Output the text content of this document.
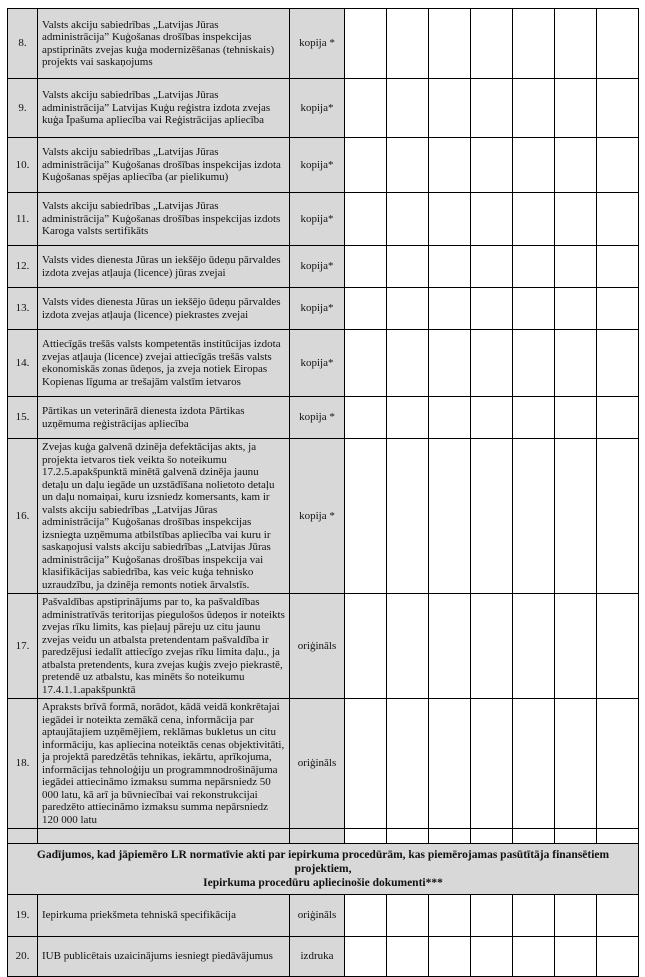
8.	Valsts akciju sabiedrības „Latvijas Jūras administrācija” Kuģošanas drošības inspekcijas apstiprināts zvejas kuģa modernizēšanas (tehniskais) projekts vai saskaņojums	kopija *							
9.	Valsts akciju sabiedrības „Latvijas Jūras administrācija” Latvijas Kuģu reģistra izdota zvejas kuģa Īpašuma apliecība vai Reģistrācijas apliecība	kopija*							
10.	Valsts akciju sabiedrības „Latvijas Jūras administrācija” Kuģošanas drošības inspekcijas izdota Kuģošanas spējas apliecība (ar pielikumu)	kopija*							
11.	Valsts akciju sabiedrības „Latvijas Jūras administrācija” Kuģošanas drošības inspekcijas izdots Karoga valsts sertifikāts	kopija*							
12.	Valsts vides dienesta Jūras un iekšējo ūdeņu pārvaldes izdota zvejas atļauja (licence) jūras zvejai	kopija*							
13.	Valsts vides dienesta Jūras un iekšējo ūdeņu pārvaldes izdota zvejas atļauja (licence) piekrastes zvejai	kopija*							
14.	Attiecīgās trešās valsts kompetentās institūcijas izdota zvejas atļauja (licence) zvejai attiecīgās trešās valsts ekonomiskās zonas ūdeņos, ja zveja notiek Eiropas Kopienas līguma ar trešajām valstīm ietvaros	kopija*							
15.	Pārtikas un veterinārā dienesta izdota Pārtikas uzņēmuma reģistrācijas apliecība	kopija *							
16.	Zvejas kuģa galvenā dzinēja defektācijas akts, ja projekta ietvaros tiek veikta šo noteikumu 17.2.5.apakšpunktā minētā galvenā dzinēja jaunu detaļu un daļu iegāde un uzstādīšana nolietoto detaļu un daļu nomaiņai, kuru izsniedz komersants, kam ir valsts akciju sabiedrības „Latvijas Jūras administrācija” Kuģošanas drošības inspekcijas izsniegta uzņēmuma atbilstības apliecība vai kuru ir saskaņojusi valsts akciju sabiedrības „Latvijas Jūras administrācija” Kuģošanas drošības inspekcija vai klasifikācijas sabiedrība, kas veic kuģa tehnisko uzraudzību, ja dzinēja remonts notiek ārvalstīs.	kopija *							
17.	Pašvaldības apstiprinājums par to, ka pašvaldības administratīvās teritorijas piegulošos ūdeņos ir noteikts zvejas rīku limits, kas pieļauj pāreju uz citu jaunu zvejas veidu un atbalsta pretendentam pašvaldība ir paredzējusi iedalīt attiecīgo zvejas rīku limita daļu., ja atbalsta pretendents, kura zvejas kuģis zvejo piekrastē, pretendē uz atbalstu, kas minēts šo noteikumu 17.4.1.1.apakšpunktā	oriģināls							
18.	Apraksts brīvā formā, norādot, kādā veidā konkrētajai iegādei ir noteikta zemākā cena, informācija par aptaujātajiem uzņēmējiem, reklāmas bukletus un citu informāciju, kas apliecina noteiktās cenas objektivitāti, ja projektā paredzētās tehnikas, iekārtu, aprīkojuma, informācijas tehnoloģiju un programmnodrošinājuma iegādei attiecināmo izmaksu summa nepārsniedz 50 000 latu, kā arī ja būvniecībai vai rekonstrukcijai paredzēto attiecināmo izmaksu summa nepārsniedz 120 000 latu	oriģināls							

Gadījumos, kad jāpiemēro LR normatīvie akti par iepirkuma procedūrām, kas piemērojamas pasūtītāja finansētiem projektiem,
Iepirkuma procedūru apliecinošie dokumenti***									

19.	Iepirkuma priekšmeta tehniskā specifikācija	oriģināls							
20.	IUB publicētais uzaicinājums iesniegt piedāvājumus	izdruka							
